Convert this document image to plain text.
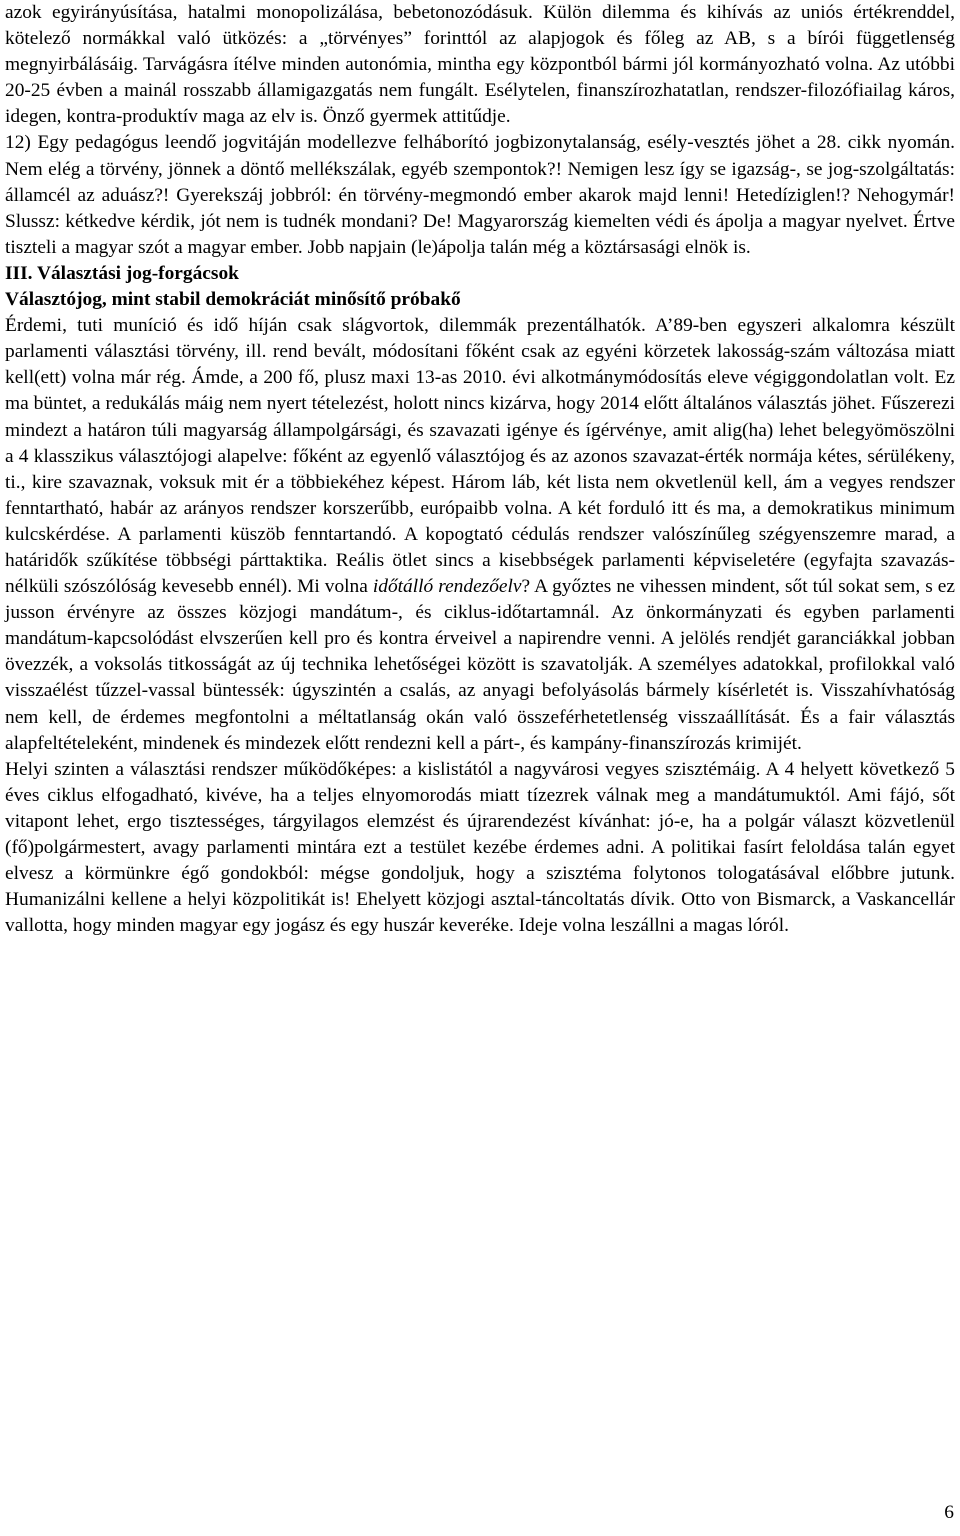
azok egyirányúsítása, hatalmi monopolizálása, bebetonozódásuk. Külön dilemma és kihívás az uniós értékrenddel, kötelező normákkal való ütközés: a „törvényes” forinttól az alapjogok és főleg az AB, s a bírói függetlenség megnyirbálásáig. Tarvágásra ítélve minden autonómia, mintha egy központból bármi jól kormányozható volna. Az utóbbi 20-25 évben a mainál rosszabb államigazgatás nem fungált. Esélytelen, finanszírozhatatlan, rendszer-filozófiailag káros, idegen, kontra-produktív maga az elv is. Önző gyermek attitűdje.

12) Egy pedagógus leendő jogvitáján modellezve felháborító jogbizonytalanság, esély-vesztés jöhet a 28. cikk nyomán. Nem elég a törvény, jönnek a döntő mellékszálak, egyéb szempontok?! Nemigen lesz így se igazság-, se jog-szolgáltatás: államcél az aduász?! Gyerekszáj jobbról: én törvény-megmondó ember akarok majd lenni! Hetedíziglen!? Nehogymár! Slussz: kétkedve kérdik, jót nem is tudnék mondani? De! Magyarország kiemelten védi és ápolja a magyar nyelvet. Értve tiszteli a magyar szót a magyar ember. Jobb napjain (le)ápolja talán még a köztársasági elnök is.

III. Választási jog-forgácsok

Választójog, mint stabil demokráciát minősítő próbakő

Érdemi, tuti muníció és idő híján csak slágvortok, dilemmák prezentálhatók. A’89-ben egyszeri alkalomra készült parlamenti választási törvény, ill. rend bevált, módosítani főként csak az egyéni körzetek lakosság-szám változása miatt kell(ett) volna már rég. Ámde, a 200 fő, plusz maxi 13-as 2010. évi alkotmánymódosítás eleve végiggondolatlan volt. Ez ma büntet, a redukálás máig nem nyert tételezést, holott nincs kizárva, hogy 2014 előtt általános választás jöhet. Fűszerezi mindezt a határon túli magyarság állampolgársági, és szavazati igénye és ígérvénye, amit alig(ha) lehet belegyömöszölni a 4 klasszikus választójogi alapelve: főként az egyenlő választójog és az azonos szavazat-érték normája kétes, sérülékeny, ti., kire szavaznak, voksuk mit ér a többiekéhez képest. Három láb, két lista nem okvetlenül kell, ám a vegyes rendszer fenntartható, habár az arányos rendszer korszerűbb, európaibb volna. A két forduló itt és ma, a demokratikus minimum kulcskérdése. A parlamenti küszöb fenntartandó. A kopogtató cédulás rendszer valószínűleg szégyenszemre marad, a határidők szűkítése többségi párttaktika. Reális ötlet sincs a kisebbségek parlamenti képviseletére (egyfajta szavazás-nélküli szószólóság kevesebb ennél). Mi volna időtálló rendezőelv? A győztes ne vihessen mindent, sőt túl sokat sem, s ez jusson érvényre az összes közjogi mandátum-, és ciklus-időtartamnál. Az önkormányzati és egyben parlamenti mandátum-kapcsolódást elvszerűen kell pro és kontra érveivel a napirendre venni. A jelölés rendjét garanciákkal jobban övezzék, a voksolás titkosságát az új technika lehetőségei között is szavatolják. A személyes adatokkal, profilokkal való visszaélést tűzzel-vassal büntessék: úgyszintén a csalás, az anyagi befolyásolás bármely kísérletét is. Visszahívhatóság nem kell, de érdemes megfontolni a méltatlanság okán való összeférhetetlenség visszaállítását. És a fair választás alapfeltételeként, mindenek és mindezek előtt rendezni kell a párt-, és kampány-finanszírozás krimijét.

Helyi szinten a választási rendszer működőképes: a kislistától a nagyvárosi vegyes szisztémáig. A 4 helyett következő 5 éves ciklus elfogadható, kivéve, ha a teljes elnyomorodás miatt tízezrek válnak meg a mandátumuktól. Ami fájó, sőt vitapont lehet, ergo tisztességes, tárgyilagos elemzést és újrarendezést kívánhat: jó-e, ha a polgár választ közvetlenül (fő)polgármestert, avagy parlamenti mintára ezt a testület kezébe érdemes adni. A politikai fasírt feloldása talán egyet elvesz a körmünkre égő gondokból: mégse gondoljuk, hogy a szisztéma folytonos tologatásával előbbre jutunk. Humanizálni kellene a helyi közpolitikát is! Ehelyett közjogi asztal-táncoltatás dívik. Otto von Bismarck, a Vaskancellár vallotta, hogy minden magyar egy jogász és egy huszár keveréke. Ideje volna leszállni a magas lóról.

6
